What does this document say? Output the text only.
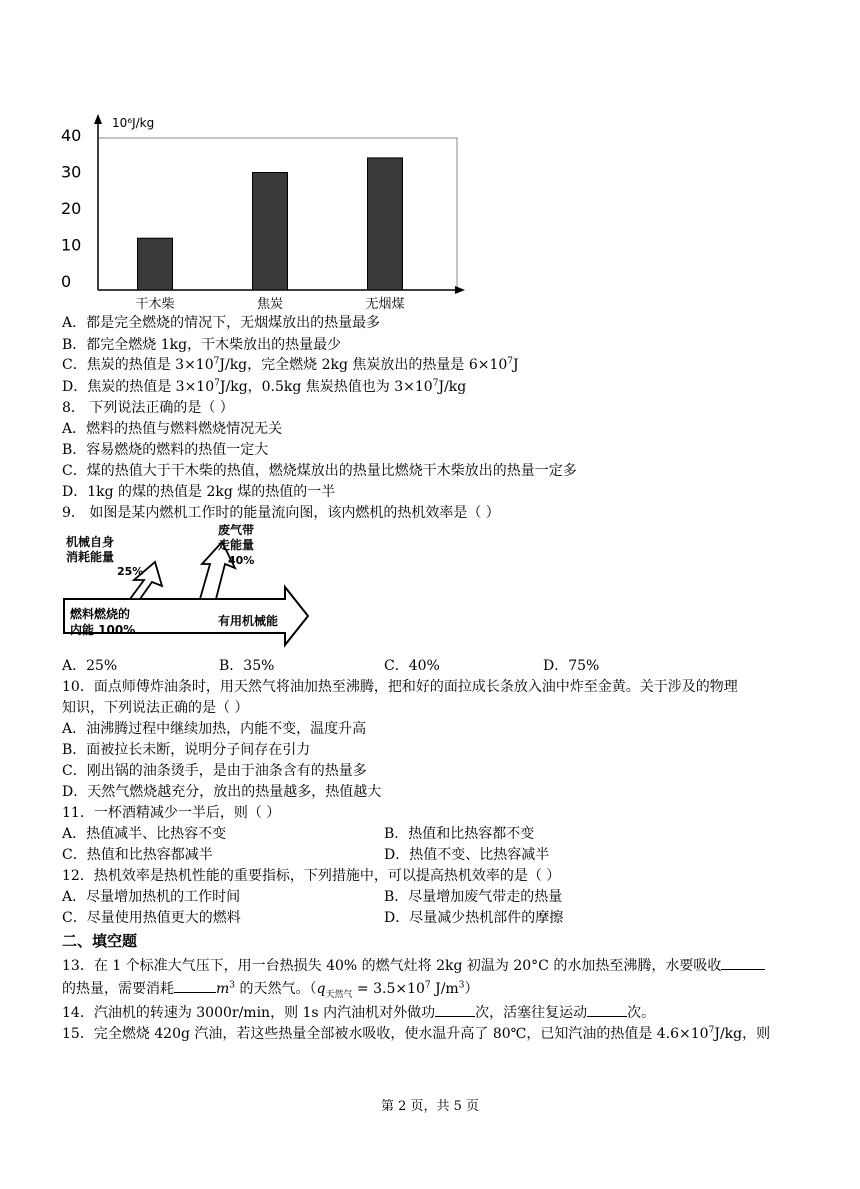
40
30
20
10
0
干木柴	焦炭	无烟煤
10⁶J/kg
A．都是完全燃烧的情况下，无烟煤放出的热量最多
B．都完全燃烧 1kg，干木柴放出的热量最少
C．焦炭的热值是 $3\times 10^7J/kg$，完全燃烧 2kg 焦炭放出的热量是 $6\times 10^7J$
D．焦炭的热值是 $3\times 10^7J/kg$，0.5kg 焦炭热值也为 $3\times 10^7J/kg$
8． 下列说法正确的是（ ）
A．燃料的热值与燃料燃烧情况无关
B．容易燃烧的燃料的热值一定大
C．煤的热值大于干木柴的热值，燃烧煤放出的热量比燃烧干木柴放出的热量一定多
D．1kg 的煤的热值是 2kg 煤的热值的一半
9． 如图是某内燃机工作时的能量流向图，该内燃机的热机效率是（ ）
机械自身
消耗能量
25%
废气带
走能量
40%
燃料燃烧的
内能 100%
有用机械能
A．25%	B．35%	C．40%	D．75%
10．面点师傅炸油条时，用天然气将油加热至沸腾，把和好的面拉成长条放入油中炸至金黄。关于涉及的物理
知识，下列说法正确的是（ ）
A．油沸腾过程中继续加热，内能不变，温度升高
B．面被拉长未断，说明分子间存在引力
C．刚出锅的油条烫手，是由于油条含有的热量多
D．天然气燃烧越充分，放出的热量越多，热值越大
11．一杯酒精减少一半后，则（ ）
A．热值减半、比热容不变	B．热值和比热容都不变
C．热值和比热容都减半	D．热值不变、比热容减半
12．热机效率是热机性能的重要指标，下列措施中，可以提高热机效率的是（ ）
A．尽量增加热机的工作时间	B．尽量增加废气带走的热量
C．尽量使用热值更大的燃料	D．尽量减少热机部件的摩擦
二、填空题
13．在 1 个标准大气压下，用一台热损失 40% 的燃气灶将 2kg 初温为 20°C 的水加热至沸腾，水要吸收
的热量，需要消耗	$m^3$ 的天然气。（$q_{天然气} = 3.5\times 10^7$ $J/m^3$）
14．汽油机的转速为 3000r/min，则 1s 内汽油机对外做功	次，活塞往复运动	次。
15．完全燃烧 420g 汽油，若这些热量全部被水吸收，使水温升高了 80℃，已知汽油的热值是 $4.6\times 10^7J/kg$，则
第 2 页，共 5 页
